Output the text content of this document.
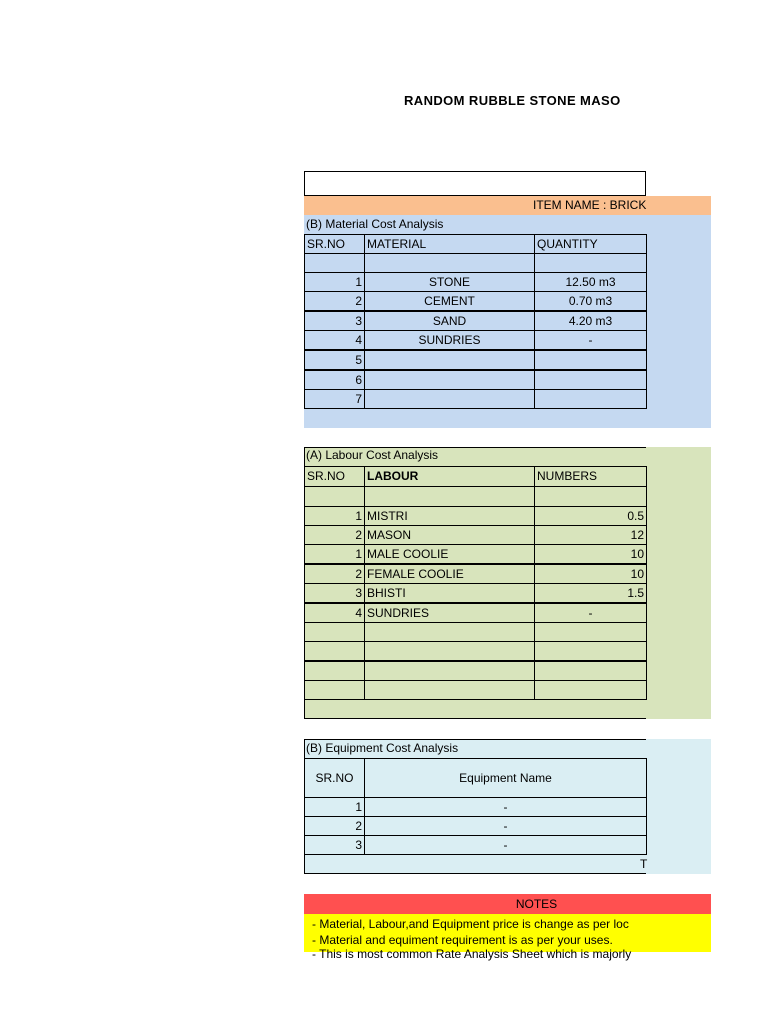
RANDOM RUBBLE STONE MASO
ITEM NAME : BRICK
(B) Material Cost Analysis
SR.NO	MATERIAL	QUANTITY
1	STONE	12.50 m3
2	CEMENT	0.70 m3
3	SAND	4.20 m3
4	SUNDRIES	-
5
6
7
(A) Labour Cost Analysis
SR.NO	LABOUR	NUMBERS
1 MISTRI	0.5
2 MASON	12
1 MALE COOLIE	10
2 FEMALE COOLIE	10
3 BHISTI	1.5
4 SUNDRIES	-
(B) Equipment Cost Analysis
SR.NO	Equipment Name
1	-
2	-
3	-
T
NOTES
- Material, Labour,and Equipment price is change as per loc
- Material and equiment requirement is as per your uses.
- This is most common Rate Analysis Sheet which is majorly
